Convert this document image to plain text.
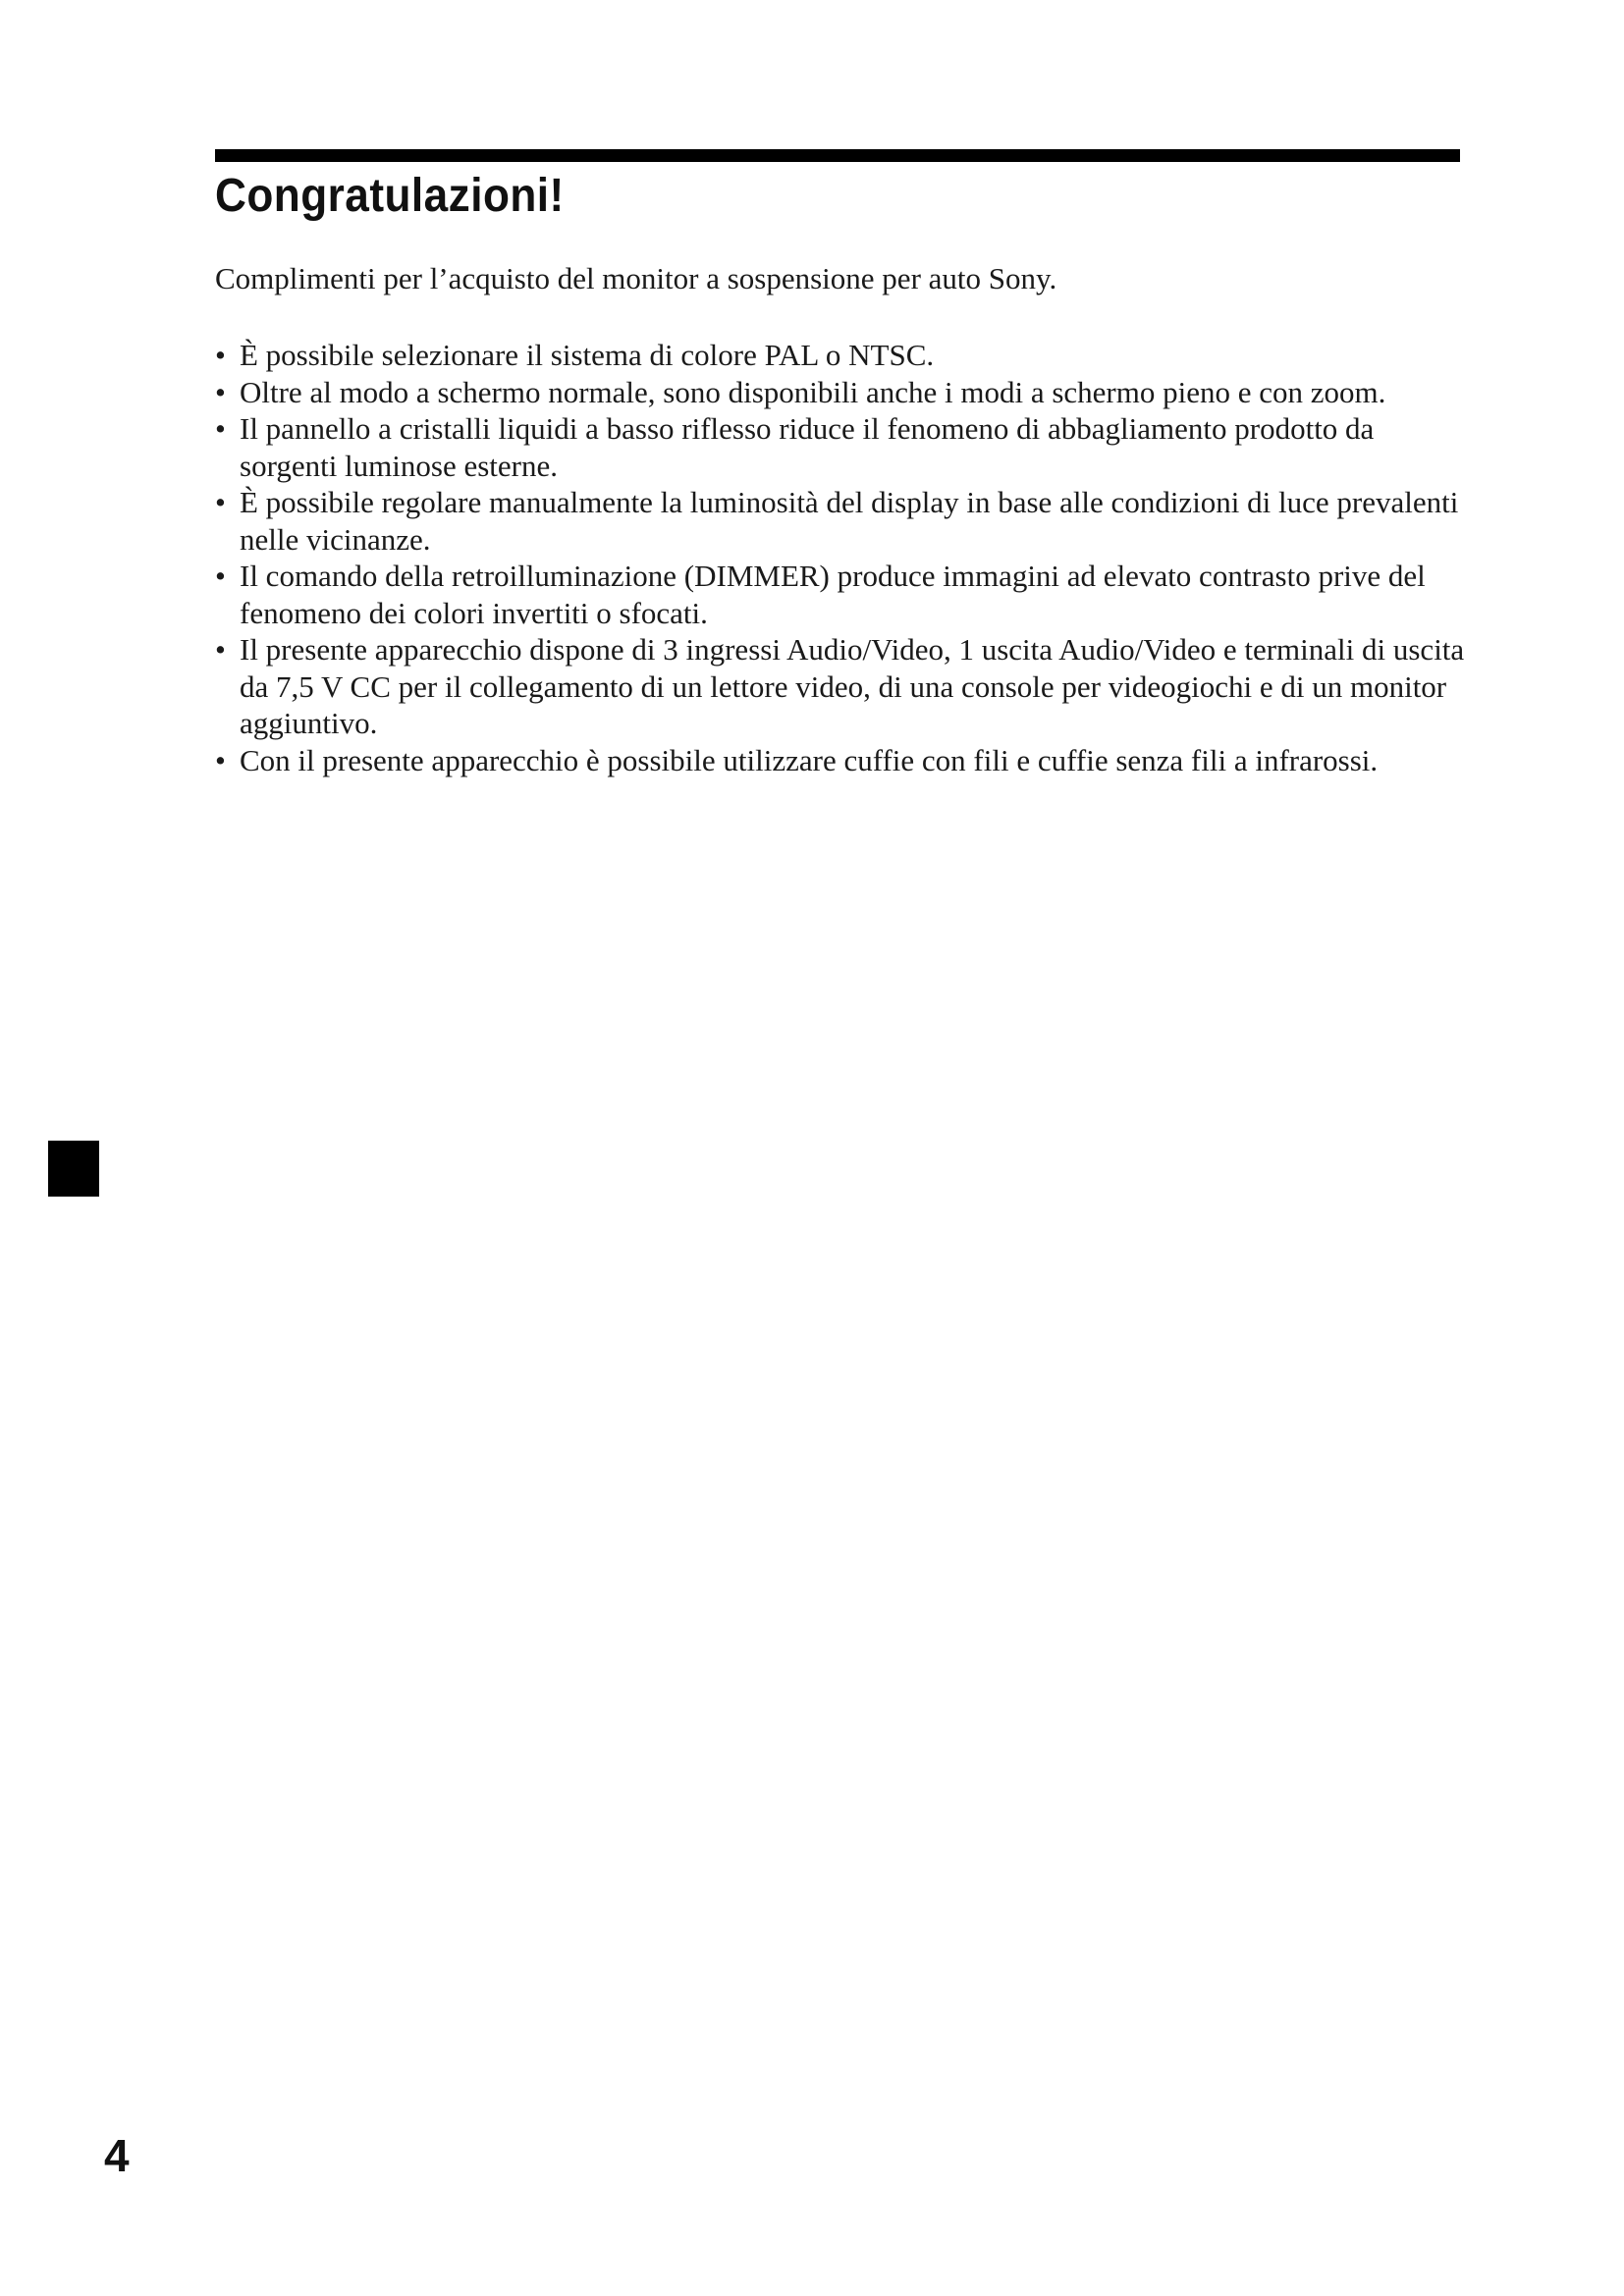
Congratulazioni!

Complimenti per l’acquisto del monitor a sospensione per auto Sony.

• È possibile selezionare il sistema di colore PAL o NTSC.
• Oltre al modo a schermo normale, sono disponibili anche i modi a schermo pieno e con zoom.
• Il pannello a cristalli liquidi a basso riflesso riduce il fenomeno di abbagliamento prodotto da sorgenti luminose esterne.
• È possibile regolare manualmente la luminosità del display in base alle condizioni di luce prevalenti nelle vicinanze.
• Il comando della retroilluminazione (DIMMER) produce immagini ad elevato contrasto prive del fenomeno dei colori invertiti o sfocati.
• Il presente apparecchio dispone di 3 ingressi Audio/Video, 1 uscita Audio/Video e terminali di uscita da 7,5 V CC per il collegamento di un lettore video, di una console per videogiochi e di un monitor aggiuntivo.
• Con il presente apparecchio è possibile utilizzare cuffie con fili e cuffie senza fili a infrarossi.

4
